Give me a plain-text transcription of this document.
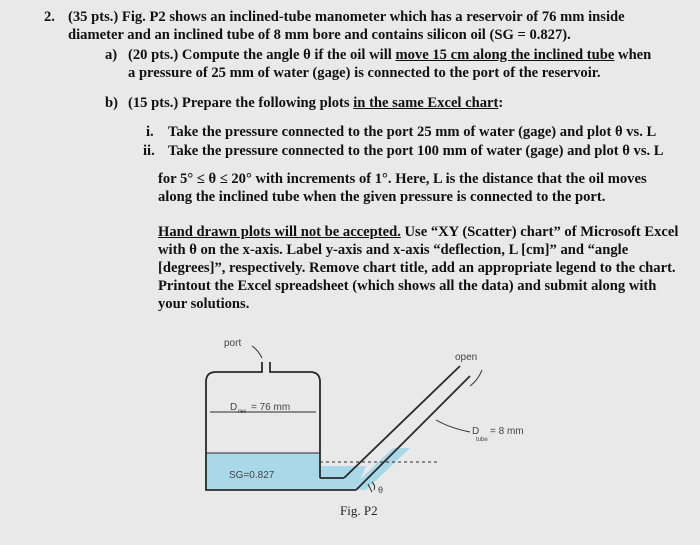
2. (35 pts.) Fig. P2 shows an inclined-tube manometer which has a reservoir of 76 mm inside
diameter and an inclined tube of 8 mm bore and contains silicon oil (SG = 0.827).
a) (20 pts.) Compute the angle θ if the oil will move 15 cm along the inclined tube when
a pressure of 25 mm of water (gage) is connected to the port of the reservoir.
b) (15 pts.) Prepare the following plots in the same Excel chart:
i. Take the pressure connected to the port 25 mm of water (gage) and plot θ vs. L
ii. Take the pressure connected to the port 100 mm of water (gage) and plot θ vs. L
for 5° ≤ θ ≤ 20° with increments of 1°. Here, L is the distance that the oil moves
along the inclined tube when the given pressure is connected to the port.
Hand drawn plots will not be accepted. Use “XY (Scatter) chart” of Microsoft Excel
with θ on the x-axis. Label y-axis and x-axis “deflection, L [cm]” and “angle
[degrees]”, respectively. Remove chart title, add an appropriate legend to the chart.
Printout the Excel spreadsheet (which shows all the data) and submit along with
your solutions.
port
open
D res = 76 mm
D
tube
= 8 mm
SG=0.827
θ
Fig. P2
